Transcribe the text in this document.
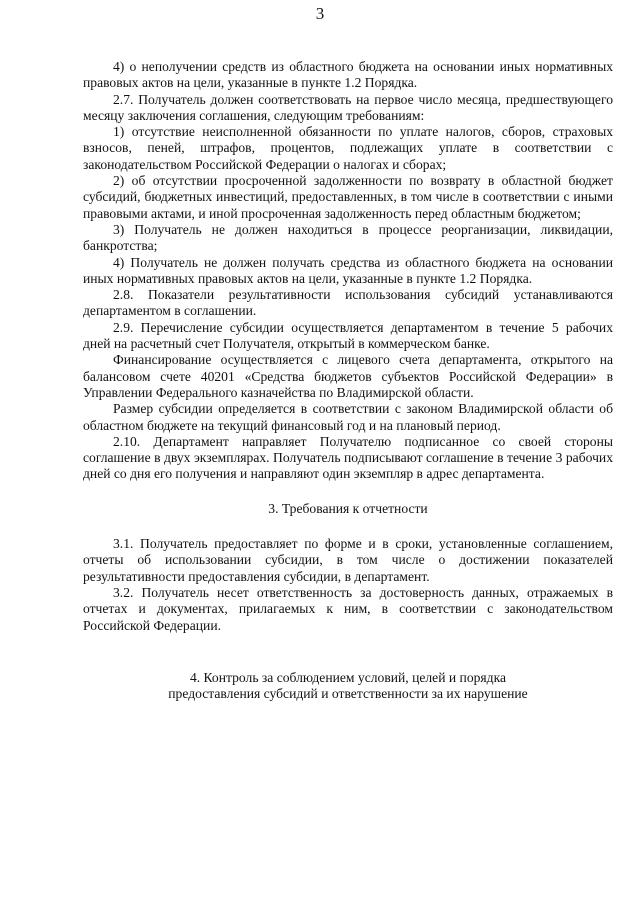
3

4) о неполучении средств из областного бюджета на основании иных нормативных правовых актов на цели, указанные в пункте 1.2 Порядка.

2.7. Получатель должен соответствовать на первое число месяца, предшествующего месяцу заключения соглашения, следующим требованиям:

1) отсутствие неисполненной обязанности по уплате налогов, сборов, страховых взносов, пеней, штрафов, процентов, подлежащих уплате в соответствии с законодательством Российской Федерации о налогах и сборах;

2) об отсутствии просроченной задолженности по возврату в областной бюджет субсидий, бюджетных инвестиций, предоставленных, в том числе в соответствии с иными правовыми актами, и иной просроченная задолженность перед областным бюджетом;

3) Получатель не должен находиться в процессе реорганизации, ликвидации, банкротства;

4) Получатель не должен получать средства из областного бюджета на основании иных нормативных правовых актов на цели, указанные в пункте 1.2 Порядка.

2.8. Показатели результативности использования субсидий устанавливаются департаментом в соглашении.

2.9. Перечисление субсидии осуществляется департаментом в течение 5 рабочих дней на расчетный счет Получателя, открытый в коммерческом банке.

Финансирование осуществляется с лицевого счета департамента, открытого на балансовом счете 40201 «Средства бюджетов субъектов Российской Федерации» в Управлении Федерального казначейства по Владимирской области.

Размер субсидии определяется в соответствии с законом Владимирской области об областном бюджете на текущий финансовый год и на плановый период.

2.10. Департамент направляет Получателю подписанное со своей стороны соглашение в двух экземплярах. Получатель подписывают соглашение в течение 3 рабочих дней со дня его получения и направляют один экземпляр в адрес департамента.

3. Требования к отчетности

3.1. Получатель предоставляет по форме и в сроки, установленные соглашением, отчеты об использовании субсидии, в том числе о достижении показателей результативности предоставления субсидии, в департамент.

3.2. Получатель несет ответственность за достоверность данных, отражаемых в отчетах и документах, прилагаемых к ним, в соответствии с законодательством Российской Федерации.

4. Контроль за соблюдением условий, целей и порядка
предоставления субсидий и ответственности за их нарушение
